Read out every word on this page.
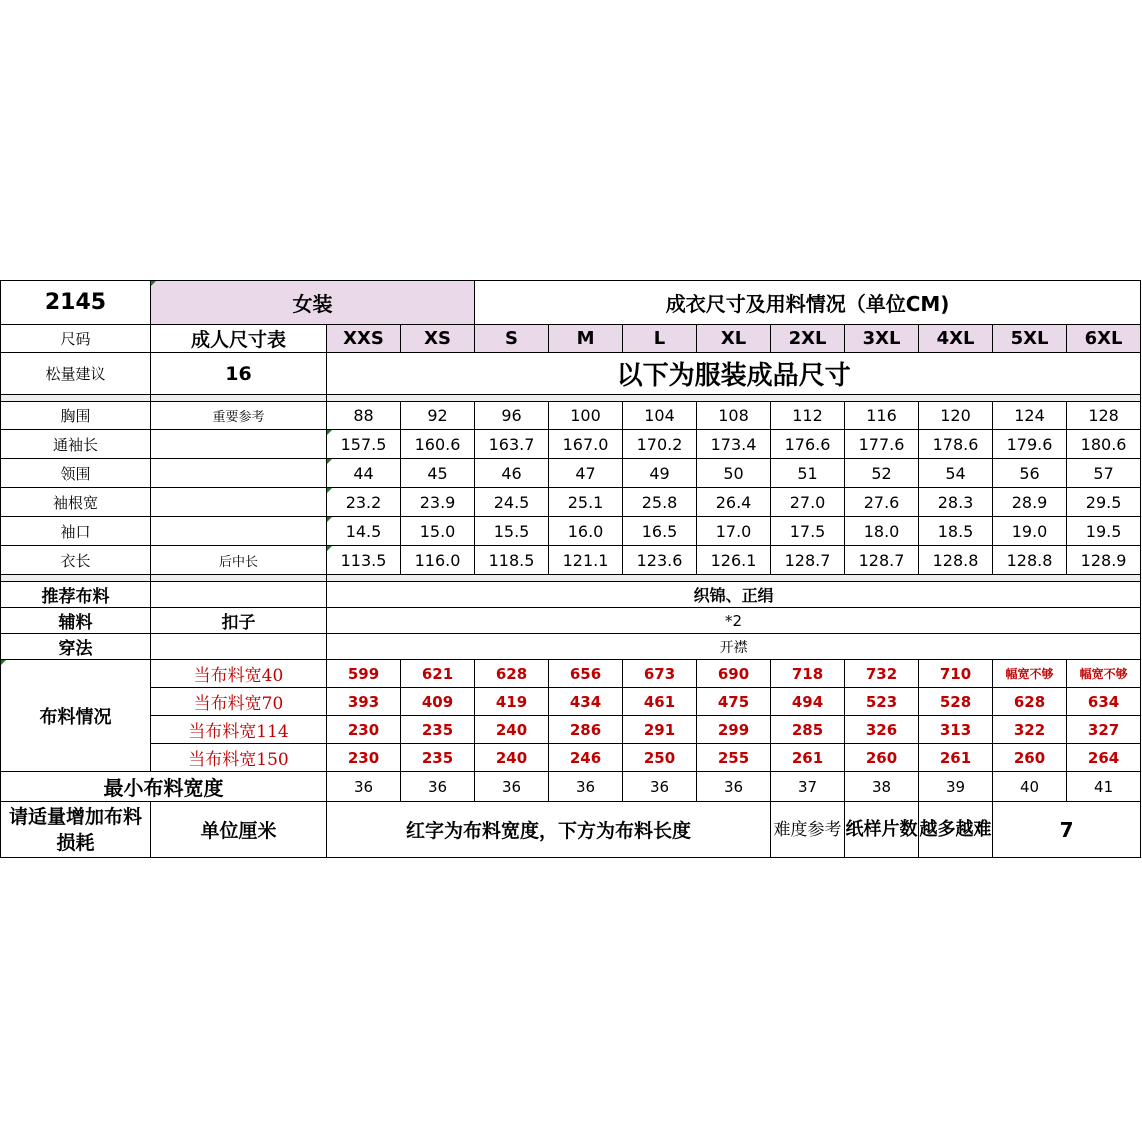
2145	女装			成衣尺寸及用料情况（单位CM)								
尺码	成人尺寸表	XXS	XS	S	M	L	XL	2XL	3XL	4XL	5XL	6XL
松量建议	16	以下为服装成品尺寸										

胸围	重要参考	88	92	96	100	104	108	112	116	120	124	128
通袖长		157.5	160.6	163.7	167.0	170.2	173.4	176.6	177.6	178.6	179.6	180.6
领围		44	45	46	47	49	50	51	52	54	56	57
袖根宽		23.2	23.9	24.5	25.1	25.8	26.4	27.0	27.6	28.3	28.9	29.5
袖口		14.5	15.0	15.5	16.0	16.5	17.0	17.5	18.0	18.5	19.0	19.5
衣长	后中长	113.5	116.0	118.5	121.1	123.6	126.1	128.7	128.7	128.8	128.8	128.9

推荐布料		织锦、正绢										
辅料	扣子	*2										
穿法		开襟										
布料情况	当布料宽40	599	621	628	656	673	690	718	732	710	幅宽不够	幅宽不够
	当布料宽70	393	409	419	434	461	475	494	523	528	628	634
	当布料宽114	230	235	240	286	291	299	285	326	313	322	327
	当布料宽150	230	235	240	246	250	255	261	260	261	260	264
最小布料宽度		36	36	36	36	36	36	37	38	39	40	41
请适量增加布料损耗	单位厘米	红字为布料宽度，下方为布料长度						难度参考	纸样片数	越多越难	7	
